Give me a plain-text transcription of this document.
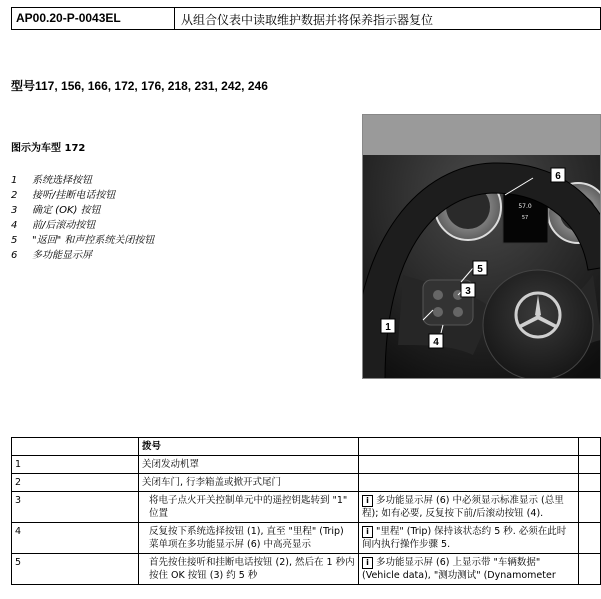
AP00.20-P-0043EL	从组合仪表中读取维护数据并将保养指示器复位
型号117, 156, 166, 172, 176, 218, 231, 242, 246
图示为车型 172
1	系统选择按钮
2	接听/挂断电话按钮
3	确定 (OK) 按钮
4	前/后滚动按钮
5	"返回" 和声控系统关闭按钮
6	多功能显示屏
57.0
57
6
5
3
1
4
	拨号		
1	关闭发动机罩		
2	关闭车门, 行李箱盖或掀开式尾门		
3	将电子点火开关控制单元中的遥控钥匙转到 "1" 位置	i 多功能显示屏 (6) 中必须显示标准显示 (总里程); 如有必要, 反复按下前/后滚动按钮 (4).	
4	反复按下系统选择按钮 (1), 直至 "里程" (Trip) 菜单项在多功能显示屏 (6) 中高亮显示	i "里程" (Trip) 保持该状态约 5 秒. 必须在此时间内执行操作步骤 5.	
5	首先按住接听和挂断电话按钮 (2), 然后在 1 秒内按住 OK 按钮 (3) 约 5 秒	i 多功能显示屏 (6) 上显示带 "车辆数据" (Vehicle data), "测功测试" (Dynamometer	
